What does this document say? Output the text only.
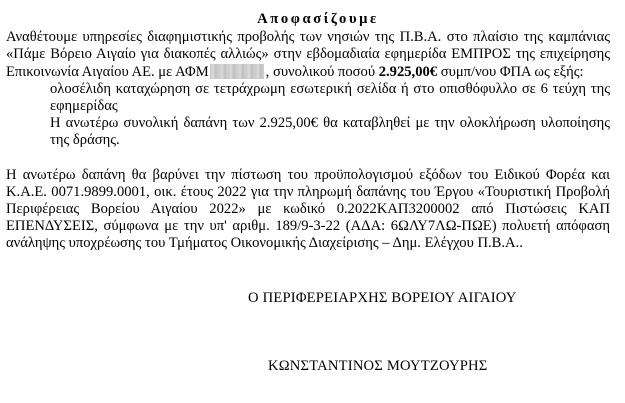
Αποφασίζουμε
Αναθέτουμε υπηρεσίες διαφημιστικής προβολής των νησιών της Π.Β.Α. στο πλαίσιο της καμπάνιας
«Πάμε Βόρειο Αιγαίο για διακοπές αλλιώς» στην εβδομαδιαία εφημερίδα ΕΜΠΡΟΣ της επιχείρησης
Επικοινωνία Αιγαίου ΑΕ. με ΑΦΜ	, συνολικού ποσού 2.925,00€ συμπ/νου ΦΠΑ ως εξής:
ολοσέλιδη καταχώρηση σε τετράχρωμη εσωτερική σελίδα ή στο οπισθόφυλλο σε 6 τεύχη της
εφημερίδας
Η ανωτέρω συνολική δαπάνη των 2.925,00€ θα καταβληθεί με την ολοκλήρωση υλοποίησης
της δράσης.
Η ανωτέρω δαπάνη θα βαρύνει την πίστωση του προϋπολογισμού εξόδων του Ειδικού Φορέα και
Κ.Α.Ε. 0071.9899.0001, οικ. έτους 2022 για την πληρωμή δαπάνης του Έργου «Τουριστική Προβολή
Περιφέρειας Βορείου Αιγαίου 2022» με κωδικό 0.2022ΚΑΠ3200002 από Πιστώσεις ΚΑΠ
ΕΠΕΝΔΥΣΕΙΣ, σύμφωνα με την υπ' αριθμ. 189/9-3-22 (ΑΔΑ: 6ΩΛΥ7ΛΩ-ΠΩΕ) πολυετή απόφαση
ανάληψης υποχρέωσης του Τμήματος Οικονομικής Διαχείρισης – Δημ. Ελέγχου Π.Β.Α..
Ο ΠΕΡΙΦΕΡΕΙΑΡΧΗΣ ΒΟΡΕΙΟΥ ΑΙΓΑΙΟΥ
ΚΩΝΣΤΑΝΤΙΝΟΣ ΜΟΥΤΖΟΥΡΗΣ
